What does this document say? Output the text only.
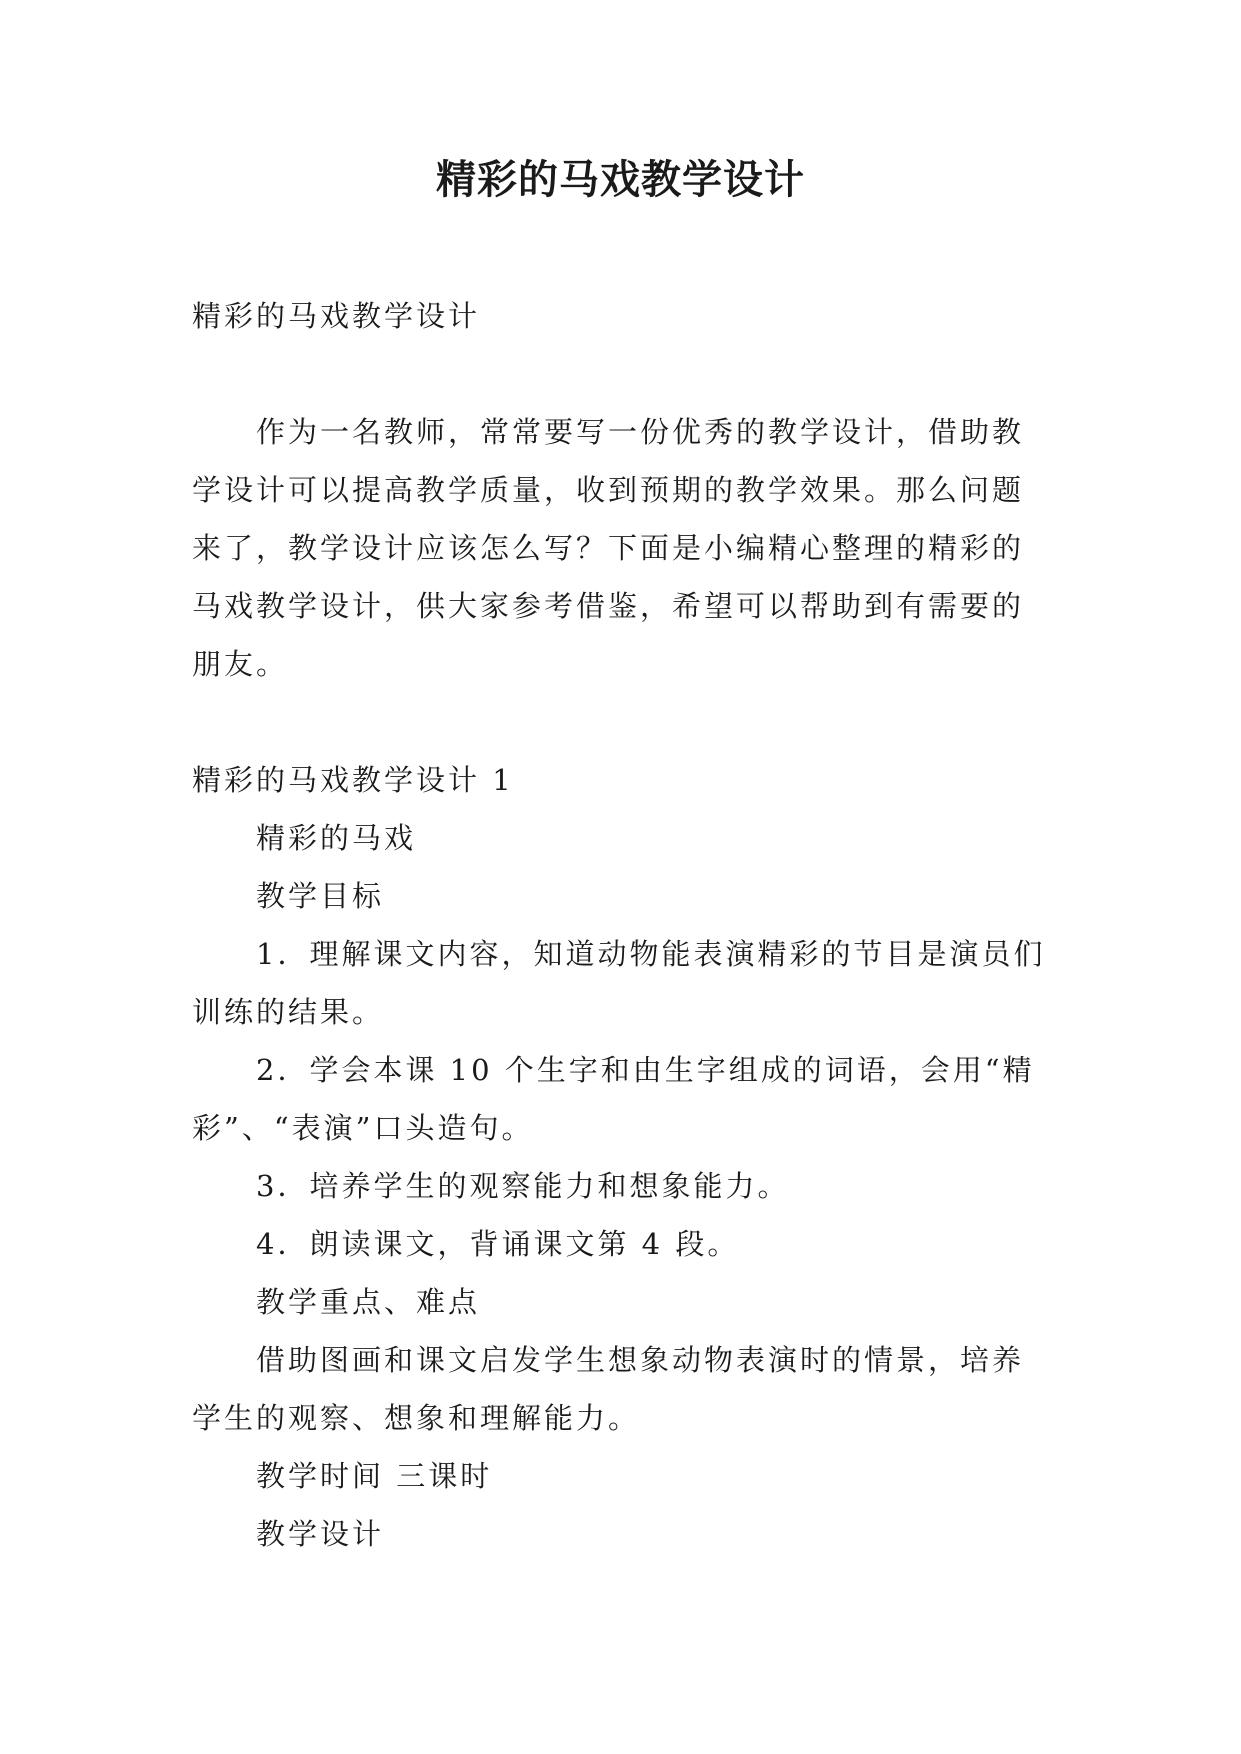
精彩的马戏教学设计

精彩的马戏教学设计

作为一名教师，常常要写一份优秀的教学设计，借助教学设计可以提高教学质量，收到预期的教学效果。那么问题来了，教学设计应该怎么写？下面是小编精心整理的精彩的马戏教学设计，供大家参考借鉴，希望可以帮助到有需要的朋友。

精彩的马戏教学设计 1

精彩的马戏

教学目标

1．理解课文内容，知道动物能表演精彩的节目是演员们训练的结果。

2．学会本课 10 个生字和由生字组成的词语，会用“精彩”、“表演”口头造句。

3．培养学生的观察能力和想象能力。

4．朗读课文，背诵课文第 4 段。

教学重点、难点

借助图画和课文启发学生想象动物表演时的情景，培养学生的观察、想象和理解能力。

教学时间 三课时

教学设计
